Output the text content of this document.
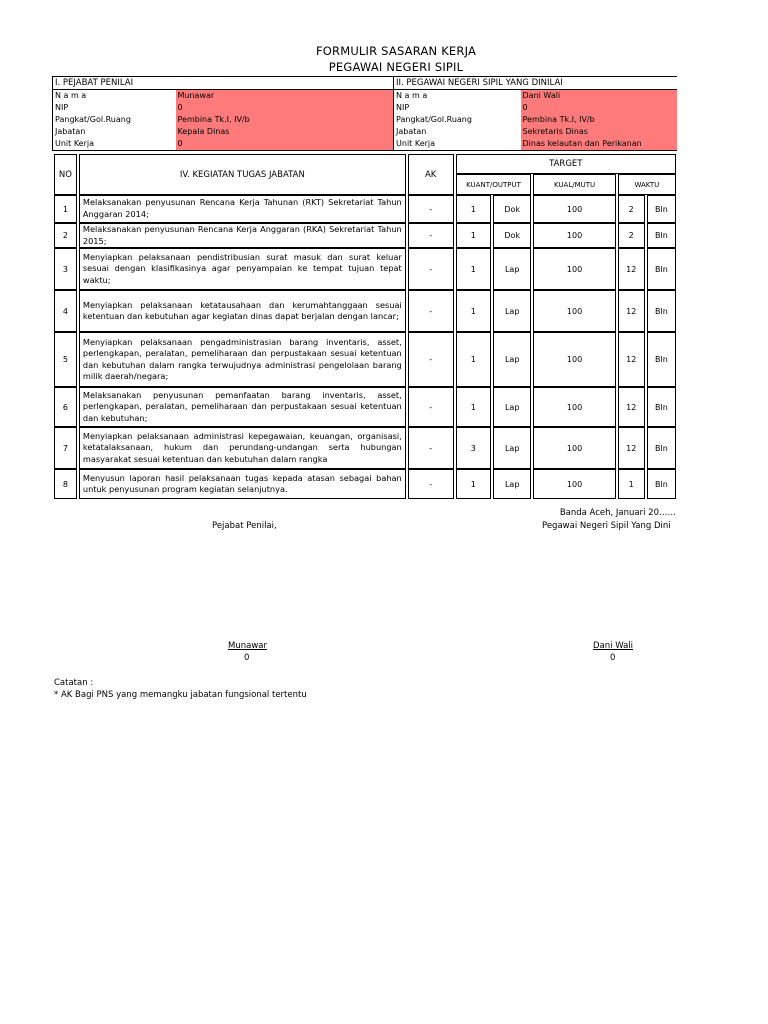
FORMULIR SASARAN KERJA
PEGAWAI NEGERI SIPIL
I. PEJABAT PENILAI		II. PEGAWAI NEGERI SIPIL YANG DINILAI	
N a m a	Munawar	N a m a	Dani Wali
NIP	0	NIP	0
Pangkat/Gol.Ruang	Pembina Tk.I, IV/b	Pangkat/Gol.Ruang	Pembina Tk.I, IV/b
Jabatan	Kepala Dinas	Jabatan	Sekretaris Dinas
Unit Kerja	0	Unit Kerja	Dinas kelautan dan Perikanan
NO	IV. KEGIATAN TUGAS JABATAN	AK	TARGET				
			KUANT/OUTPUT		KUAL/MUTU	WAKTU	
1	Melaksanakan penyusunan Rencana Kerja Tahunan (RKT) Sekretariat Tahun Anggaran 2014;	-	1	Dok	100	2	Bln
2	Melaksanakan penyusunan Rencana Kerja Anggaran (RKA) Sekretariat Tahun 2015;	-	1	Dok	100	2	Bln
3	Menyiapkan pelaksanaan pendistribusian surat masuk dan surat keluar sesuai dengan klasifikasinya agar penyampaian ke tempat tujuan tepat waktu;	-	1	Lap	100	12	Bln
4	Menyiapkan pelaksanaan ketatausahaan dan kerumahtanggaan sesuai ketentuan dan kebutuhan agar kegiatan dinas dapat berjalan dengan lancar;	-	1	Lap	100	12	Bln
5	Menyiapkan pelaksanaan pengadministrasian barang inventaris, asset, perlengkapan, peralatan, pemeliharaan dan perpustakaan sesuai ketentuan dan kebutuhan dalam rangka terwujudnya administrasi pengelolaan barang milik daerah/negara;	-	1	Lap	100	12	Bln
6	Melaksanakan penyusunan pemanfaatan barang inventaris, asset, perlengkapan, peralatan, pemeliharaan dan perpustakaan sesuai ketentuan dan kebutuhan;	-	1	Lap	100	12	Bln
7	Menyiapkan pelaksanaan administrasi kepegawaian, keuangan, organisasi, ketatalaksanaan, hukum dan perundang-undangan serta hubungan masyarakat sesuai ketentuan dan kebutuhan dalam rangka	-	3	Lap	100	12	Bln
8	Menyusun laporan hasil pelaksanaan tugas kepada atasan sebagai bahan untuk penyusunan program kegiatan selanjutnya.	-	1	Lap	100	1	Bln
Banda Aceh, Januari 20……
Pejabat Penilai,	Pegawai Negeri Sipil Yang Dini
Munawar
0
Dani Wali
0
Catatan :
* AK Bagi PNS yang memangku jabatan fungsional tertentu
